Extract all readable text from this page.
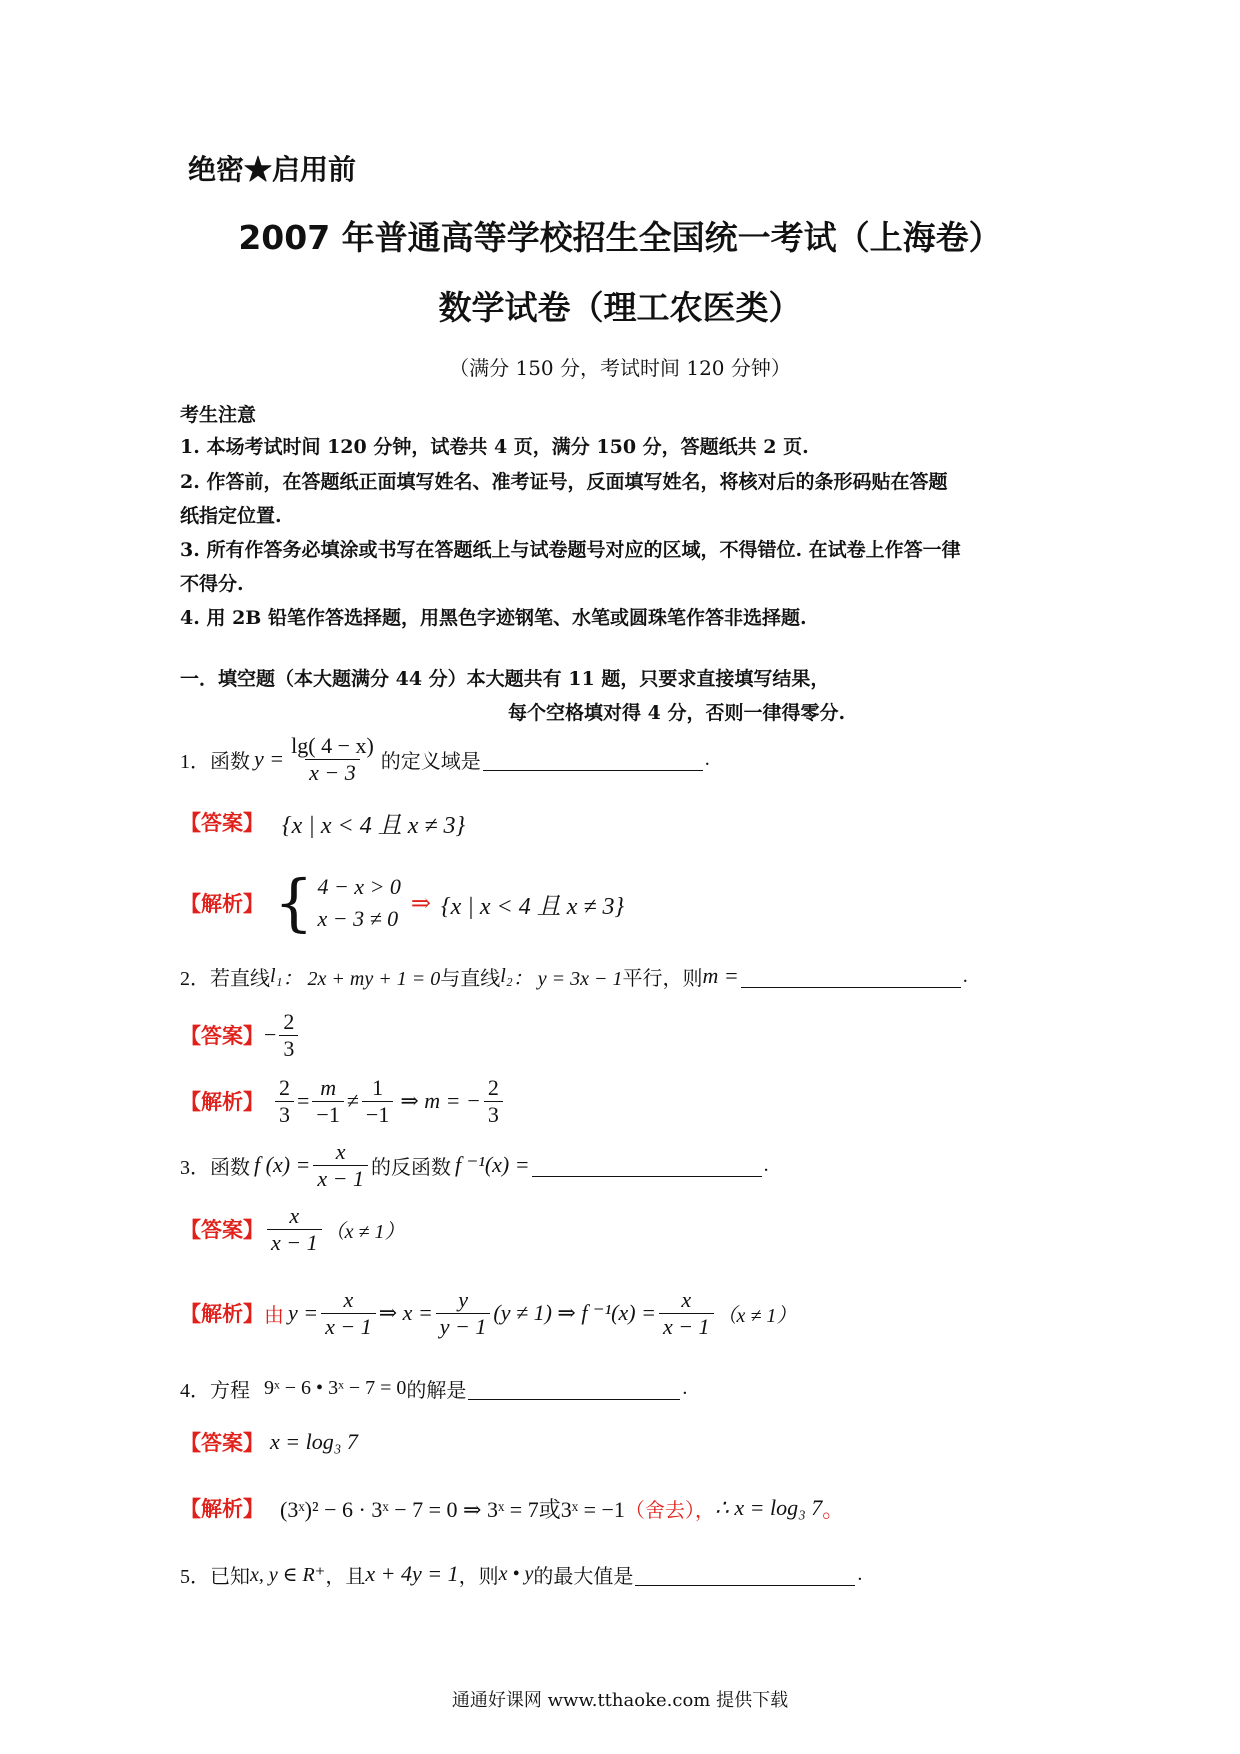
绝密★启用前
2007 年普通高等学校招生全国统一考试（上海卷）
数学试卷（理工农医类）
（满分 150 分，考试时间 120 分钟）
考生注意
1. 本场考试时间 120 分钟，试卷共 4 页，满分 150 分，答题纸共 2 页.
2. 作答前，在答题纸正面填写姓名、准考证号，反面填写姓名，将核对后的条形码贴在答题
纸指定位置.
3. 所有作答务必填涂或书写在答题纸上与试卷题号对应的区域，不得错位. 在试卷上作答一律
不得分.
4. 用 2B 铅笔作答选择题，用黑色字迹钢笔、水笔或圆珠笔作答非选择题.
一．填空题（本大题满分 44 分）本大题共有 11 题，只要求直接填写结果，
每个空格填对得 4 分，否则一律得零分.
1． 函数 $y = \frac{\lg( 4 - x)}{x - 3}$ 的定义域是	.
【答案】 {x | x < 4 且 x ≠ 3}
【解析】 { 4 − x > 0
x − 3 ≠ 0
⇒ {x | x < 4 且 x ≠ 3}
2． 若直线 l₁ ： 2x + my + 1 = 0 与直线 l₂ ： y = 3x − 1 平行，则 m =	.
【答案】 − $\frac{2}{3}$
【解析】 $\frac{2}{3} = \frac{m}{-1} \ne \frac{1}{-1}$ ⇒ m = − $\frac{2}{3}$
3． 函数 f $(x) = \frac{x}{x - 1}$ 的反函数 f ⁻¹(x) =	.
【答案】 $\frac{x}{x - 1} (x \ne 1)$
【解析】 由 $y = \frac{x}{x - 1}$ ⇒ $x = \frac{y}{y - 1} (y \ne 1)$ ⇒ f $^{-1}(x) = \frac{x}{x - 1} (x \ne 1)$
4． 方程 9ˣ − 6 • 3ˣ − 7 = 0 的解是	.
【答案】 x = log₃ 7
【解析】 (3ˣ)² − 6 · 3ˣ − 7 = 0 ⇒ 3ˣ = 7或3ˣ = −1 （舍去）， ∴ x = log₃ 7 。
5． 已知 x, y ∈ R⁺ ，且 x + 4y = 1 ，则 x • y 的最大值是	.
通通好课网 www.tthaoke.com 提供下载
